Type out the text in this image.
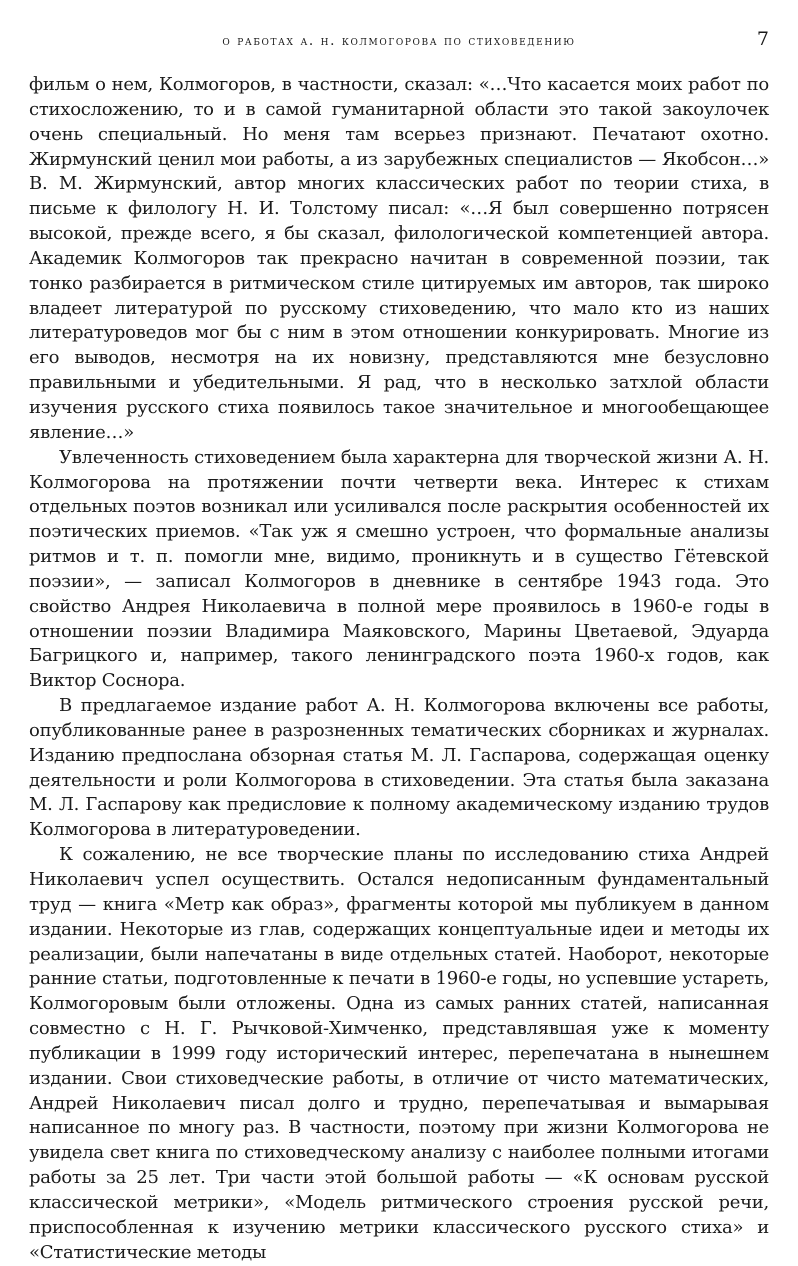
о работах а. н. колмогорова по стиховедению	7

фильм о нем, Колмогоров, в частности, сказал: «…Что касается моих работ по стихосложению, то и в самой гуманитарной области это такой закоулочек очень специальный. Но меня там всерьез признают. Печатают охотно. Жирмунский ценил мои работы, а из зарубежных специалистов — Якобсон…» В. М. Жирмунский, автор многих классических работ по теории стиха, в письме к филологу Н. И. Толстому писал: «…Я был совершенно потрясен высокой, прежде всего, я бы сказал, филологической компетенцией автора. Академик Колмогоров так прекрасно начитан в современной поэзии, так тонко разбирается в ритмическом стиле цитируемых им авторов, так широко владеет литературой по русскому стиховедению, что мало кто из наших литературоведов мог бы с ним в этом отношении конкурировать. Многие из его выводов, несмотря на их новизну, представляются мне безусловно правильными и убедительными. Я рад, что в несколько затхлой области изучения русского стиха появилось такое значительное и многообещающее явление…»

Увлеченность стиховедением была характерна для творческой жизни А. Н. Колмогорова на протяжении почти четверти века. Интерес к стихам отдельных поэтов возникал или усиливался после раскрытия особенностей их поэтических приемов. «Так уж я смешно устроен, что формальные анализы ритмов и т. п. помогли мне, видимо, проникнуть и в существо Гётевской поэзии», — записал Колмогоров в дневнике в сентябре 1943 года. Это свойство Андрея Николаевича в полной мере проявилось в 1960-е годы в отношении поэзии Владимира Маяковского, Марины Цветаевой, Эдуарда Багрицкого и, например, такого ленинградского поэта 1960-х годов, как Виктор Соснора.

В предлагаемое издание работ А. Н. Колмогорова включены все работы, опубликованные ранее в разрозненных тематических сборниках и журналах. Изданию предпослана обзорная статья М. Л. Гаспарова, содержащая оценку деятельности и роли Колмогорова в стиховедении. Эта статья была заказана М. Л. Гаспарову как предисловие к полному академическому изданию трудов Колмогорова в литературоведении.

К сожалению, не все творческие планы по исследованию стиха Андрей Николаевич успел осуществить. Остался недописанным фундаментальный труд — книга «Метр как образ», фрагменты которой мы публикуем в данном издании. Некоторые из глав, содержащих концептуальные идеи и методы их реализации, были напечатаны в виде отдельных статей. Наоборот, некоторые ранние статьи, подготовленные к печати в 1960-е годы, но успевшие устареть, Колмогоровым были отложены. Одна из самых ранних статей, написанная совместно с Н. Г. Рычковой-Химченко, представлявшая уже к моменту публикации в 1999 году исторический интерес, перепечатана в нынешнем издании. Свои стиховедческие работы, в отличие от чисто математических, Андрей Николаевич писал долго и трудно, перепечатывая и вымарывая написанное по многу раз. В частности, поэтому при жизни Колмогорова не увидела свет книга по стиховедческому анализу с наиболее полными итогами работы за 25 лет. Три части этой большой работы — «К основам русской классической метрики», «Модель ритмического строения русской речи, приспособленная к изучению метрики классического русского стиха» и «Статистические методы
